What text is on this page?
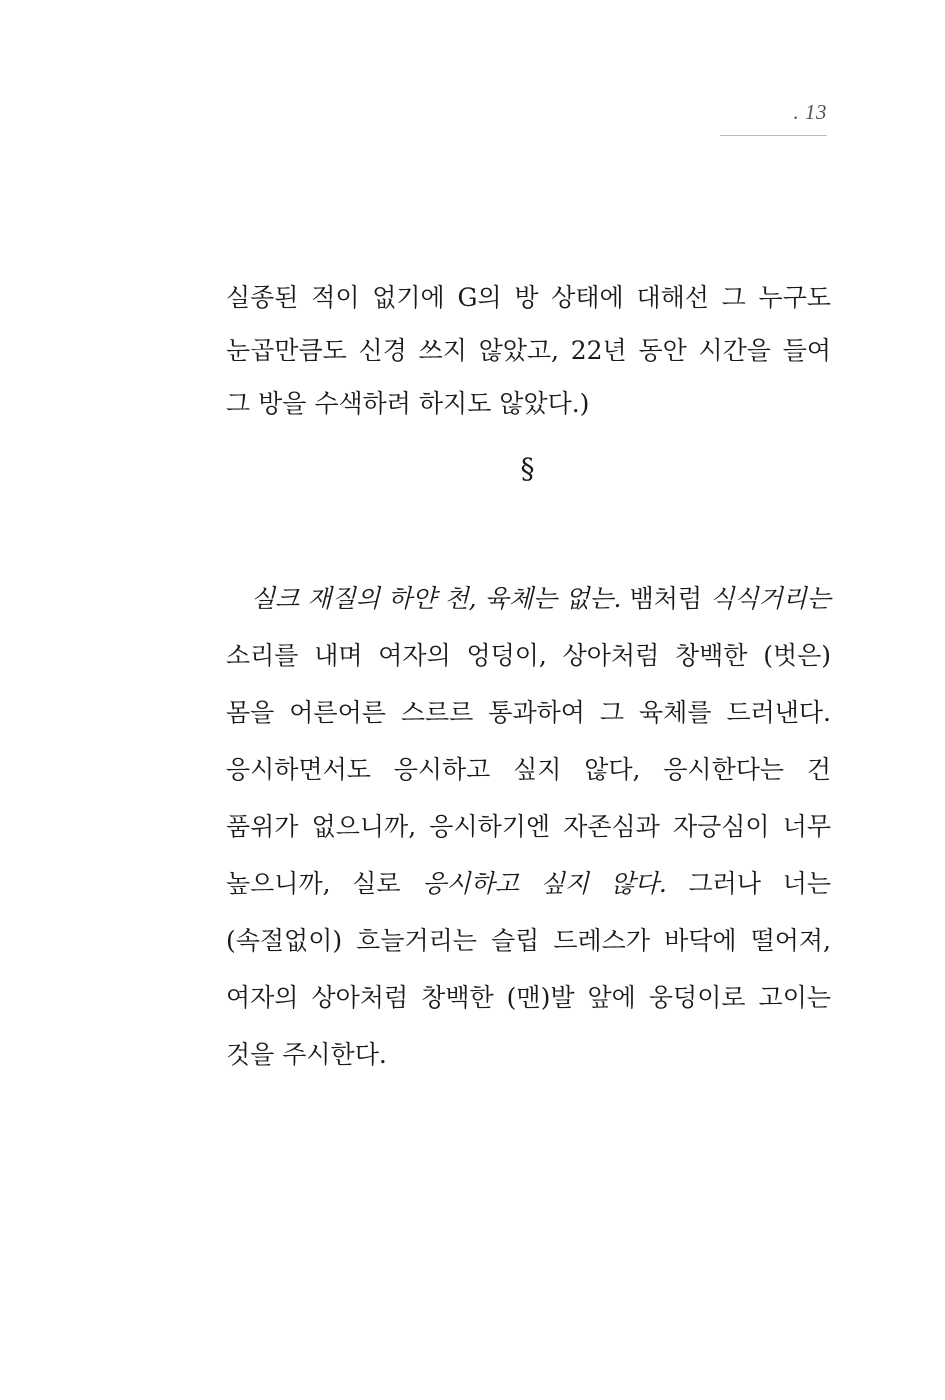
. 13

실종된 적이 없기에 G의 방 상태에 대해선 그 누구도 눈곱만큼도 신경 쓰지 않았고, 22년 동안 시간을 들여 그 방을 수색하려 하지도 않았다.)

§

실크 재질의 하얀 천, 육체는 없는. 뱀처럼 식식거리는 소리를 내며 여자의 엉덩이, 상아처럼 창백한 (벗은) 몸을 어른어른 스르르 통과하여 그 육체를 드러낸다. 응시하면서도 응시하고 싶지 않다, 응시한다는 건 품위가 없으니까, 응시하기엔 자존심과 자긍심이 너무 높으니까, 실로 응시하고 싶지 않다. 그러나 너는 (속절없이) 흐늘거리는 슬립 드레스가 바닥에 떨어져, 여자의 상아처럼 창백한 (맨)발 앞에 웅덩이로 고이는 것을 주시한다.
